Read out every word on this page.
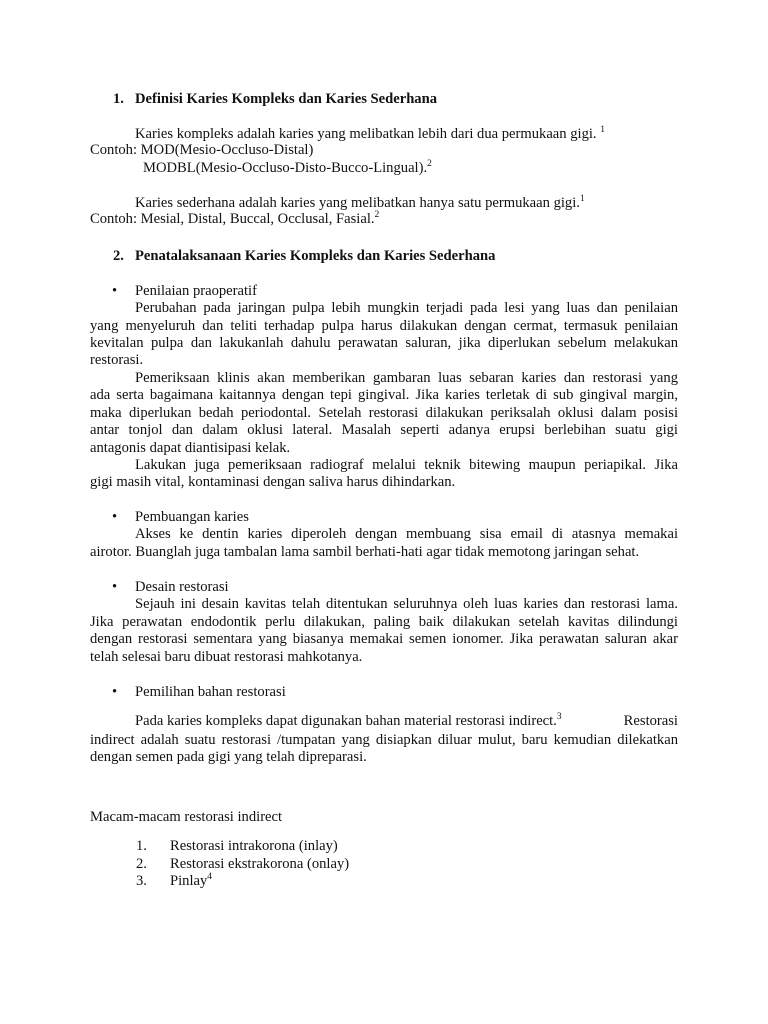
1. Definisi Karies Kompleks dan Karies Sederhana
Karies kompleks adalah karies yang melibatkan lebih dari dua permukaan gigi. $^1$
Contoh: MOD(Mesio-Occluso-Distal)
MODBL(Mesio-Occluso-Disto-Bucco-Lingual).$^2$
Karies sederhana adalah karies yang melibatkan hanya satu permukaan gigi.$^1$
Contoh: Mesial, Distal, Buccal, Occlusal, Fasial.$^2$
2. Penatalaksanaan Karies Kompleks dan Karies Sederhana
• Penilaian praoperatif
Perubahan pada jaringan pulpa lebih mungkin terjadi pada lesi yang luas dan penilaian
yang menyeluruh dan teliti terhadap pulpa harus dilakukan dengan cermat, termasuk penilaian
kevitalan pulpa dan lakukanlah dahulu perawatan saluran, jika diperlukan sebelum melakukan
restorasi.
Pemeriksaan klinis akan memberikan gambaran luas sebaran karies dan restorasi yang
ada serta bagaimana kaitannya dengan tepi gingival. Jika karies terletak di sub gingival margin,
maka diperlukan bedah periodontal. Setelah restorasi dilakukan periksalah oklusi dalam posisi
antar tonjol dan dalam oklusi lateral. Masalah seperti adanya erupsi berlebihan suatu gigi
antagonis dapat diantisipasi kelak.
Lakukan juga pemeriksaan radiograf melalui teknik bitewing maupun periapikal. Jika
gigi masih vital, kontaminasi dengan saliva harus dihindarkan.
• Pembuangan karies
Akses ke dentin karies diperoleh dengan membuang sisa email di atasnya memakai
airotor. Buanglah juga tambalan lama sambil berhati-hati agar tidak memotong jaringan sehat.
• Desain restorasi
Sejauh ini desain kavitas telah ditentukan seluruhnya oleh luas karies dan restorasi lama.
Jika perawatan endodontik perlu dilakukan, paling baik dilakukan setelah kavitas dilindungi
dengan restorasi sementara yang biasanya memakai semen ionomer. Jika perawatan saluran akar
telah selesai baru dibuat restorasi mahkotanya.
• Pemilihan bahan restorasi
Pada karies kompleks dapat digunakan bahan material restorasi indirect.$^3$	Restorasi
indirect adalah suatu restorasi /tumpatan yang disiapkan diluar mulut, baru kemudian dilekatkan
dengan semen pada gigi yang telah dipreparasi.
Macam-macam restorasi indirect
1. Restorasi intrakorona (inlay)
2. Restorasi ekstrakorona (onlay)
3. Pinlay$^4$
